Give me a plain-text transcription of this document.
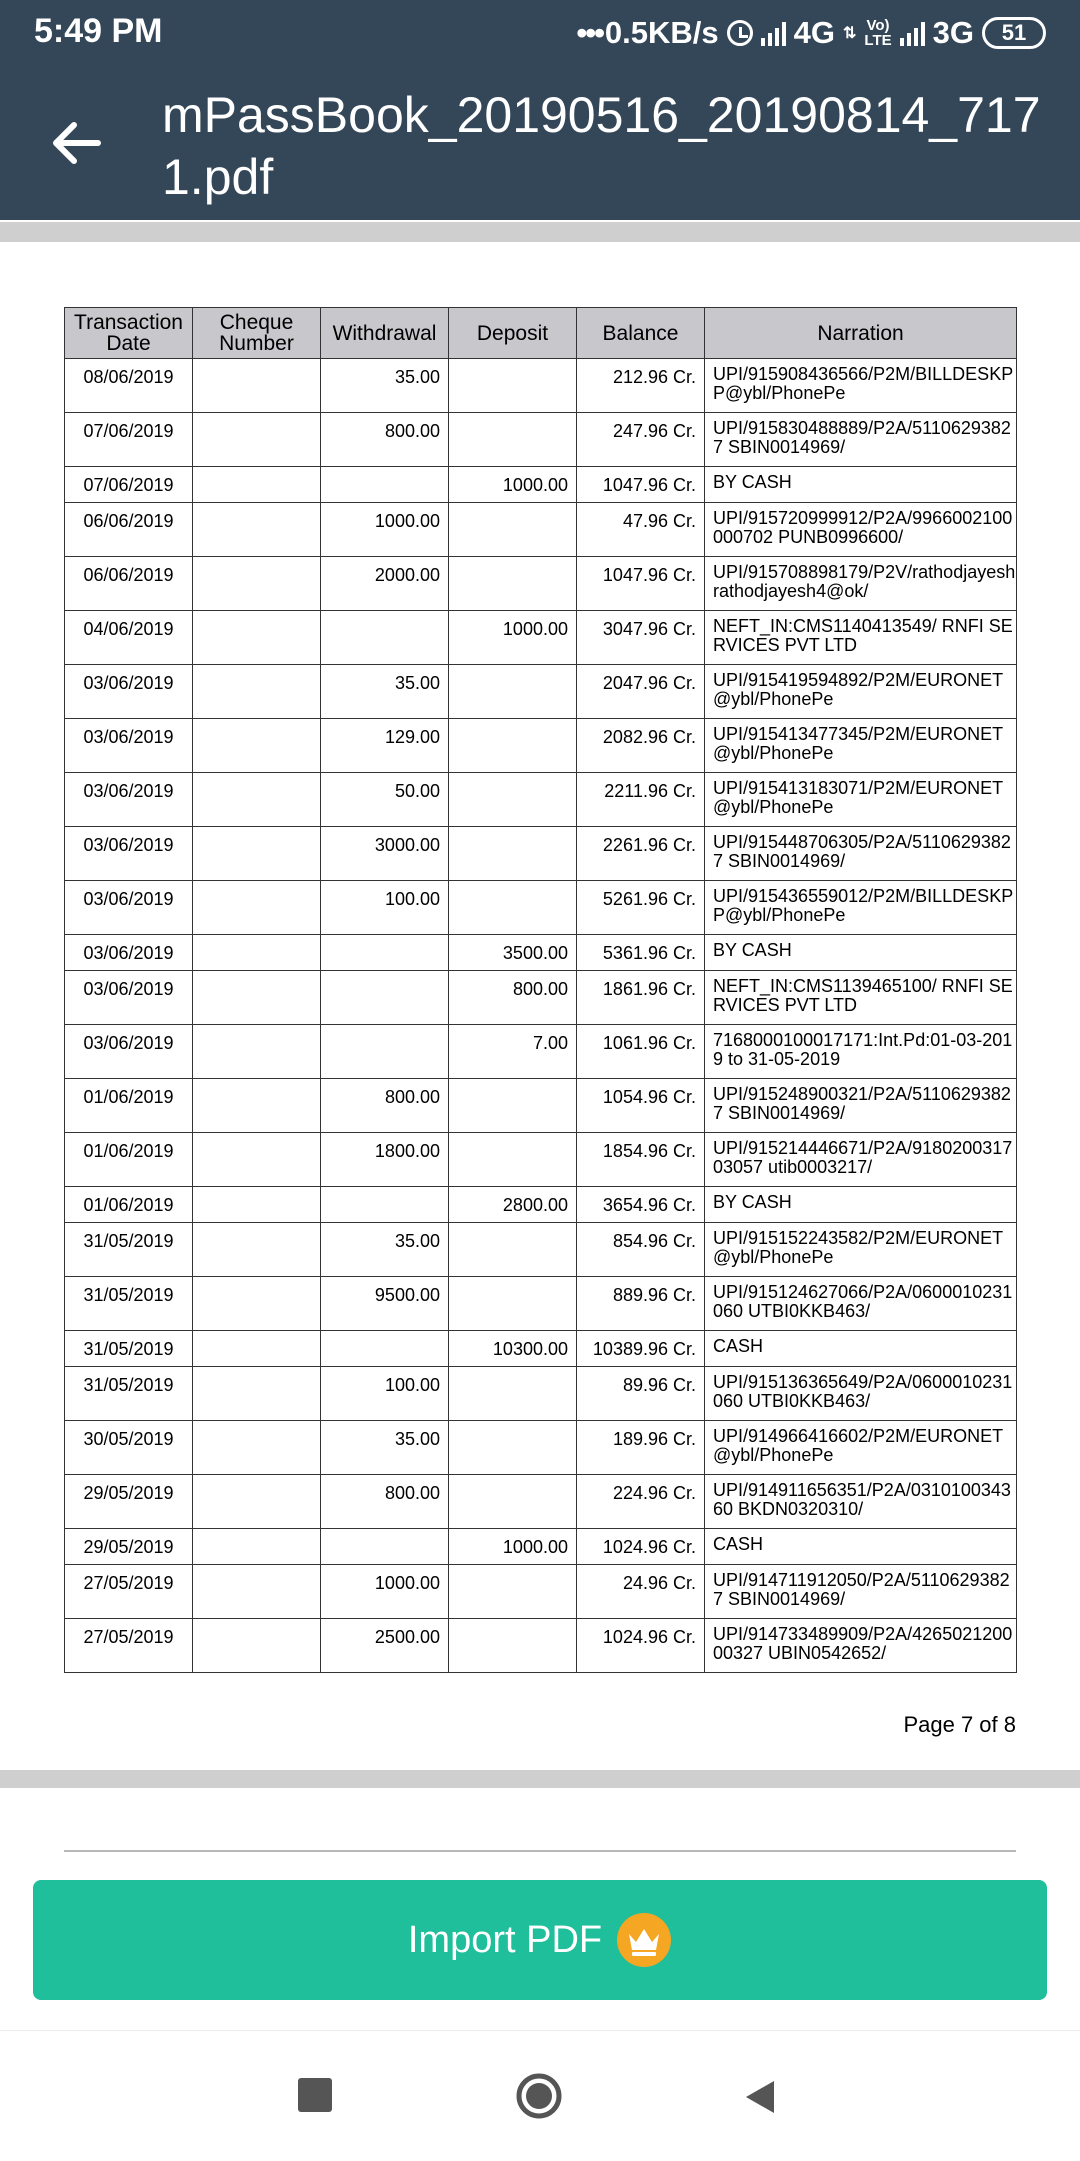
5:49 PM	••• 0.5KB/s 4G ⇅ Vo)
LTE 3G	51
mPassBook_20190516_20190814_7171.pdf
Transaction Date	Cheque Number	Withdrawal	Deposit	Balance	Narration
08/06/2019		35.00		212.96 Cr.	UPI/915908436566/P2M/BILLDESKPP@ybl/PhonePe
07/06/2019		800.00		247.96 Cr.	UPI/915830488889/P2A/51106293827 SBIN0014969/
07/06/2019			1000.00	1047.96 Cr.	BY CASH
06/06/2019		1000.00		47.96 Cr.	UPI/915720999912/P2A/9966002100000702 PUNB0996600/
06/06/2019		2000.00		1047.96 Cr.	UPI/915708898179/P2V/rathodjayeshrathodjayesh4@ok/
04/06/2019			1000.00	3047.96 Cr.	NEFT_IN:CMS1140413549/ RNFI SERVICES PVT LTD
03/06/2019		35.00		2047.96 Cr.	UPI/915419594892/P2M/EURONET@ybl/PhonePe
03/06/2019		129.00		2082.96 Cr.	UPI/915413477345/P2M/EURONET@ybl/PhonePe
03/06/2019		50.00		2211.96 Cr.	UPI/915413183071/P2M/EURONET@ybl/PhonePe
03/06/2019		3000.00		2261.96 Cr.	UPI/915448706305/P2A/51106293827 SBIN0014969/
03/06/2019		100.00		5261.96 Cr.	UPI/915436559012/P2M/BILLDESKPP@ybl/PhonePe
03/06/2019			3500.00	5361.96 Cr.	BY CASH
03/06/2019			800.00	1861.96 Cr.	NEFT_IN:CMS1139465100/ RNFI SERVICES PVT LTD
03/06/2019			7.00	1061.96 Cr.	7168000100017171:Int.Pd:01-03-2019 to 31-05-2019
01/06/2019		800.00		1054.96 Cr.	UPI/915248900321/P2A/51106293827 SBIN0014969/
01/06/2019		1800.00		1854.96 Cr.	UPI/915214446671/P2A/918020031703057 utib0003217/
01/06/2019			2800.00	3654.96 Cr.	BY CASH
31/05/2019		35.00		854.96 Cr.	UPI/915152243582/P2M/EURONET@ybl/PhonePe
31/05/2019		9500.00		889.96 Cr.	UPI/915124627066/P2A/0600010231060 UTBI0KKB463/
31/05/2019			10300.00	10389.96 Cr.	CASH
31/05/2019		100.00		89.96 Cr.	UPI/915136365649/P2A/0600010231060 UTBI0KKB463/
30/05/2019		35.00		189.96 Cr.	UPI/914966416602/P2M/EURONET@ybl/PhonePe
29/05/2019		800.00		224.96 Cr.	UPI/914911656351/P2A/031010034360 BKDN0320310/
29/05/2019			1000.00	1024.96 Cr.	CASH
27/05/2019		1000.00		24.96 Cr.	UPI/914711912050/P2A/51106293827 SBIN0014969/
27/05/2019		2500.00		1024.96 Cr.	UPI/914733489909/P2A/426502120000327 UBIN0542652/
Page 7 of 8
Import PDF
